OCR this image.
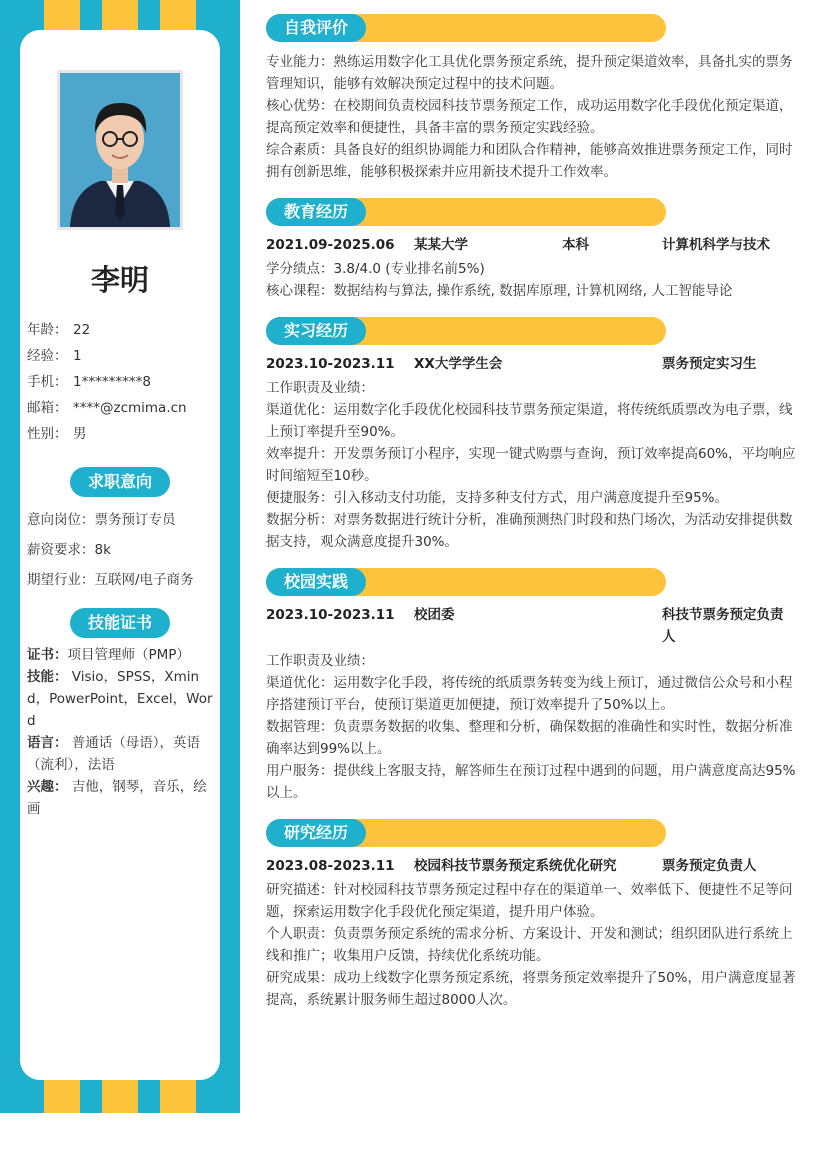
李明
年龄： 22
经验： 1
手机： 1*********8
邮箱： ****@zcmima.cn
性别： 男
求职意向
意向岗位：票务预订专员
薪资要求：8k
期望行业：互联网/电子商务
技能证书

证书：项目管理师（PMP）

技能： Visio，SPSS，Xmind，PowerPoint，Excel，Word

语言： 普通话（母语），英语（流利），法语

兴趣： 吉他，钢琴，音乐，绘画

自我评价
专业能力：熟练运用数字化工具优化票务预定系统，提升预定渠道效率，具备扎实的票务管理知识，能够有效解决预定过程中的技术问题。
核心优势：在校期间负责校园科技节票务预定工作，成功运用数字化手段优化预定渠道，提高预定效率和便捷性，具备丰富的票务预定实践经验。
综合素质：具备良好的组织协调能力和团队合作精神，能够高效推进票务预定工作，同时拥有创新思维，能够积极探索并应用新技术提升工作效率。
教育经历
2021.09-2025.06 某某大学	本科	计算机科学与技术
学分绩点：3.8/4.0 (专业排名前5%)
核心课程：数据结构与算法, 操作系统, 数据库原理, 计算机网络, 人工智能导论
实习经历
2023.10-2023.11 XX大学学生会	票务预定实习生
工作职责及业绩：
渠道优化：运用数字化手段优化校园科技节票务预定渠道，将传统纸质票改为电子票，线上预订率提升至90%。
效率提升：开发票务预订小程序，实现一键式购票与查询，预订效率提高60%，平均响应时间缩短至10秒。
便捷服务：引入移动支付功能，支持多种支付方式，用户满意度提升至95%。
数据分析：对票务数据进行统计分析，准确预测热门时段和热门场次，为活动安排提供数据支持，观众满意度提升30%。
校园实践
2023.10-2023.11 校团委	科技节票务预定负责人
工作职责及业绩：
渠道优化：运用数字化手段，将传统的纸质票务转变为线上预订，通过微信公众号和小程序搭建预订平台，使预订渠道更加便捷，预订效率提升了50%以上。
数据管理：负责票务数据的收集、整理和分析，确保数据的准确性和实时性，数据分析准确率达到99%以上。
用户服务：提供线上客服支持，解答师生在预订过程中遇到的问题，用户满意度高达95%以上。
研究经历
2023.08-2023.11 校园科技节票务预定系统优化研究	票务预定负责人
研究描述：针对校园科技节票务预定过程中存在的渠道单一、效率低下、便捷性不足等问题，探索运用数字化手段优化预定渠道，提升用户体验。
个人职责：负责票务预定系统的需求分析、方案设计、开发和测试；组织团队进行系统上线和推广；收集用户反馈，持续优化系统功能。
研究成果：成功上线数字化票务预定系统，将票务预定效率提升了50%，用户满意度显著提高，系统累计服务师生超过8000人次。
